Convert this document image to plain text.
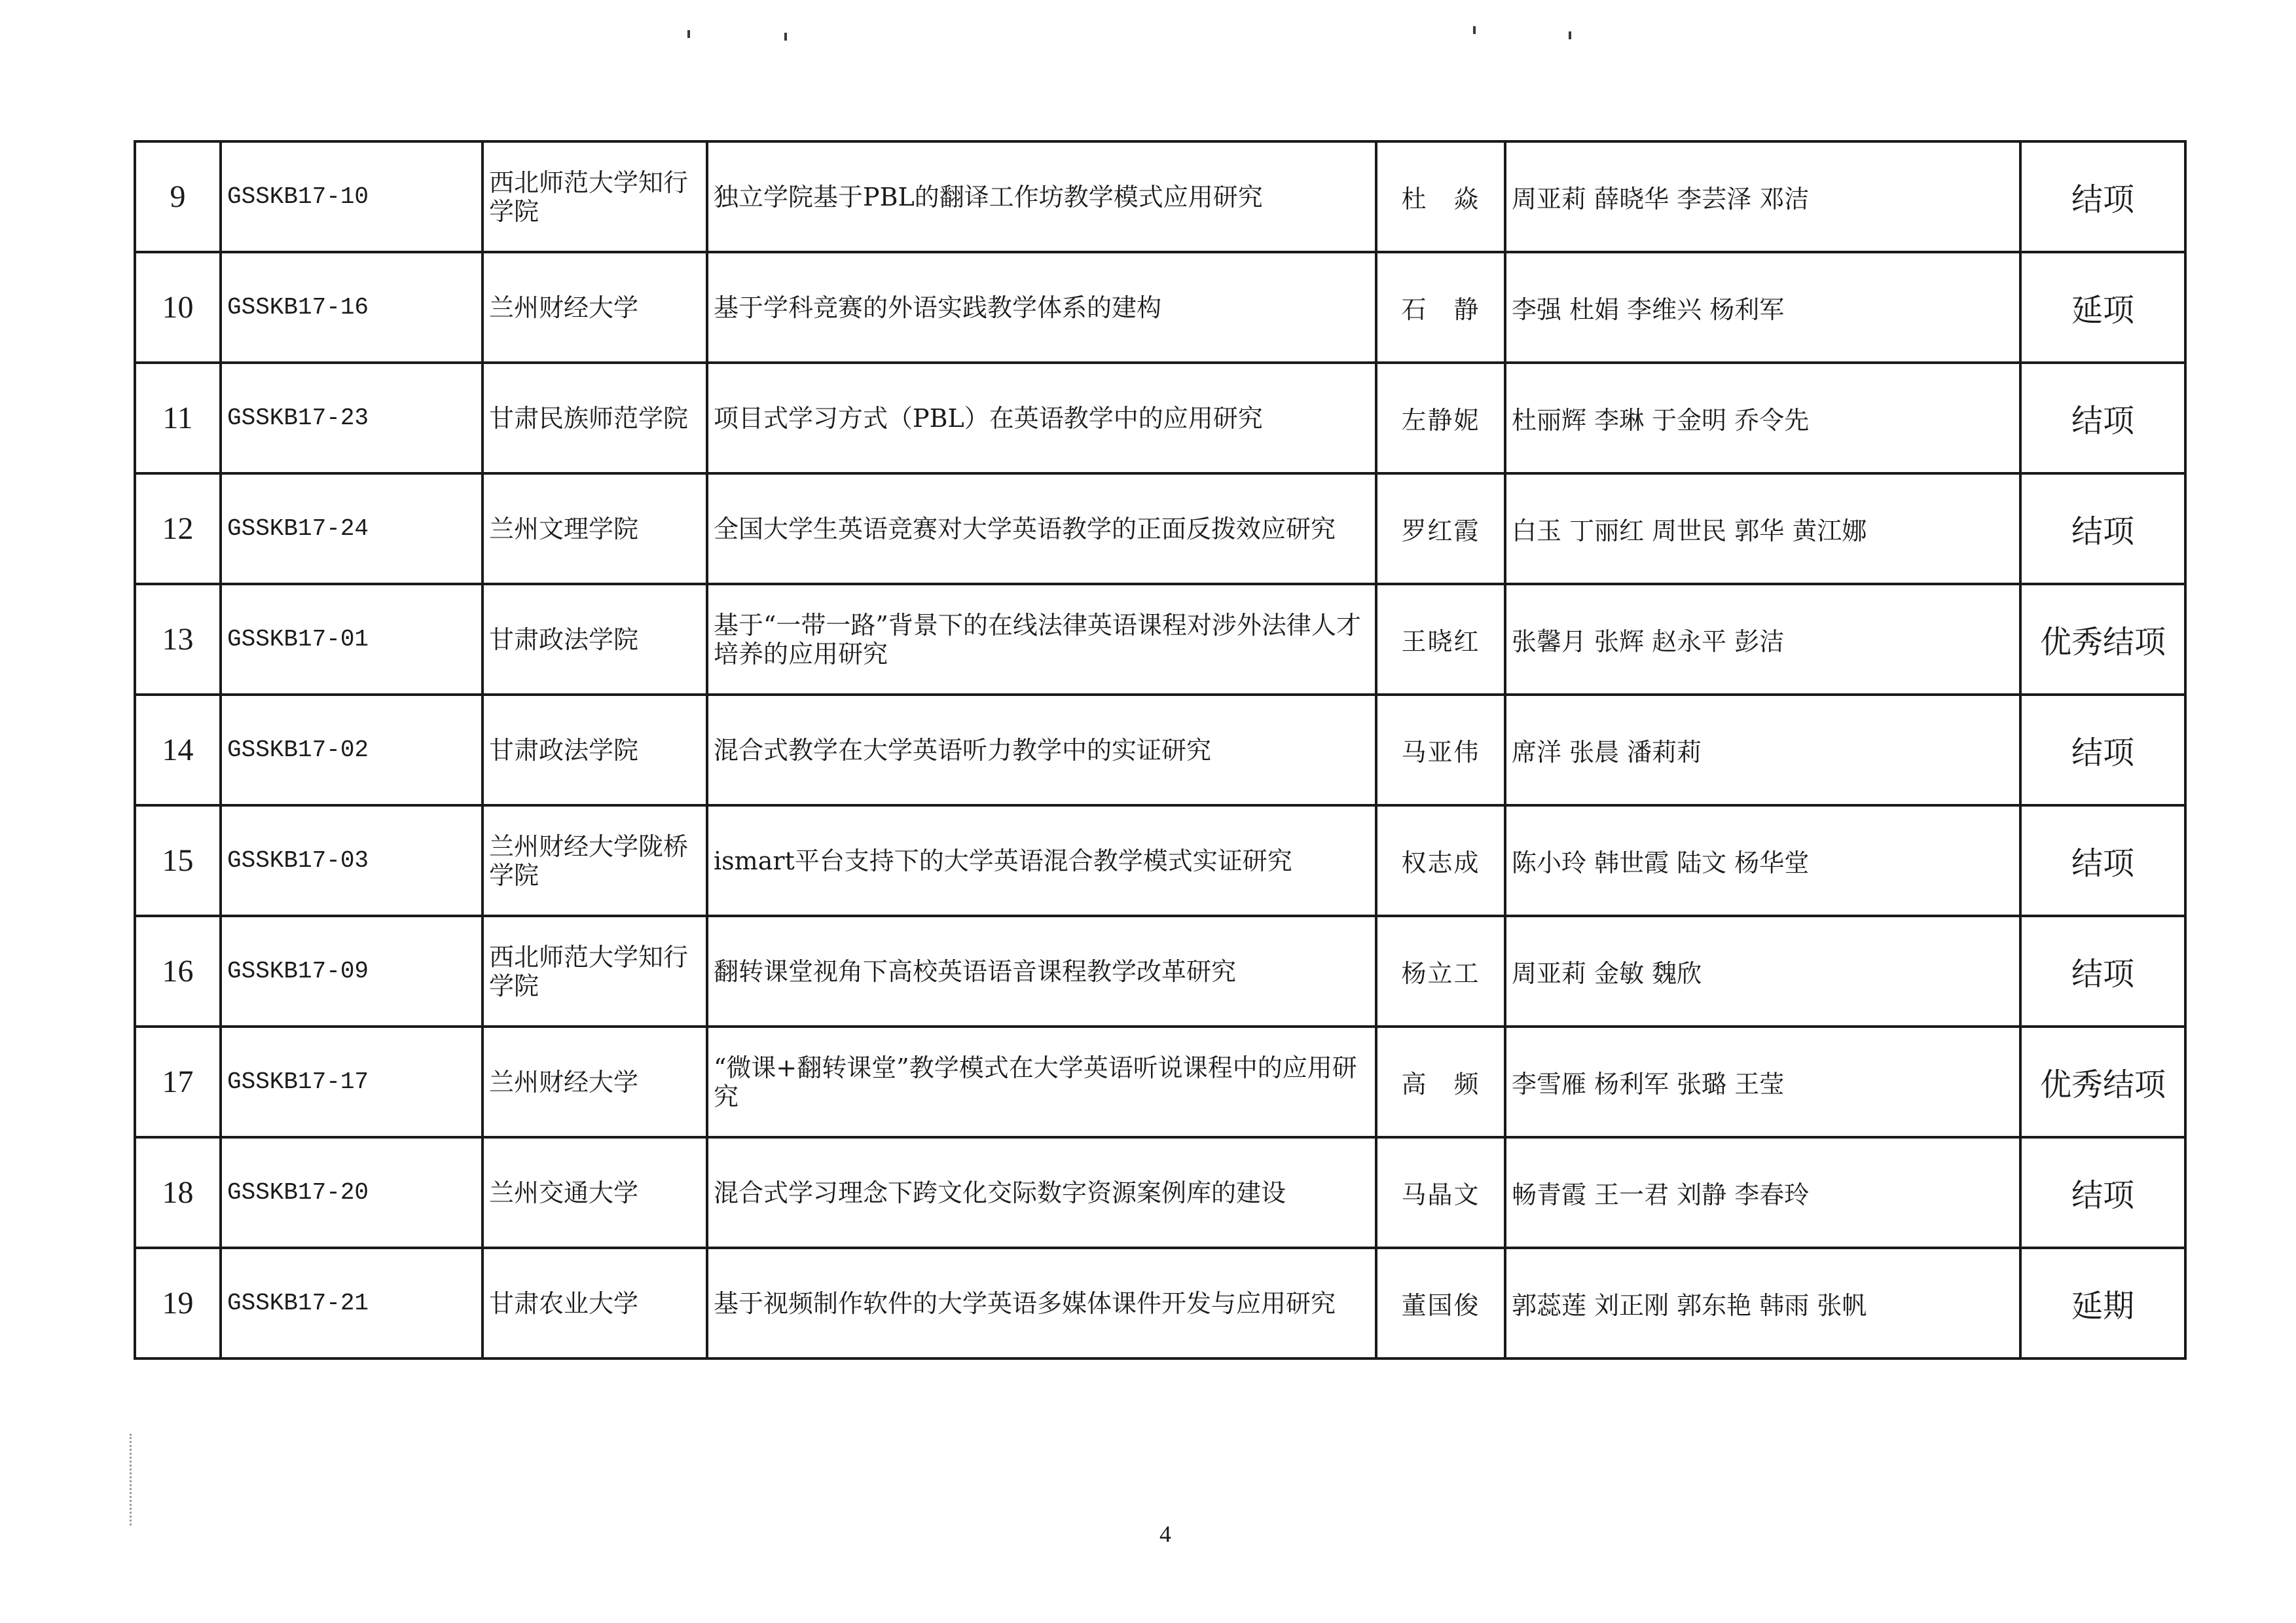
9	GSSKB17-10	西北师范大学知行学院	独立学院基于PBL的翻译工作坊教学模式应用研究	杜　焱	周亚莉 薛晓华 李芸泽 邓洁	结项
10	GSSKB17-16	兰州财经大学	基于学科竞赛的外语实践教学体系的建构	石　静	李强 杜娟 李维兴 杨利军	延项
11	GSSKB17-23	甘肃民族师范学院	项目式学习方式（PBL）在英语教学中的应用研究	左静妮	杜丽辉 李琳 于金明 乔令先	结项
12	GSSKB17-24	兰州文理学院	全国大学生英语竞赛对大学英语教学的正面反拨效应研究	罗红霞	白玉 丁丽红 周世民 郭华 黄江娜	结项
13	GSSKB17-01	甘肃政法学院	基于“一带一路”背景下的在线法律英语课程对涉外法律人才培养的应用研究	王晓红	张馨月 张辉 赵永平 彭洁	优秀结项
14	GSSKB17-02	甘肃政法学院	混合式教学在大学英语听力教学中的实证研究	马亚伟	席洋 张晨 潘莉莉	结项
15	GSSKB17-03	兰州财经大学陇桥学院	ismart平台支持下的大学英语混合教学模式实证研究	权志成	陈小玲 韩世霞 陆文 杨华堂	结项
16	GSSKB17-09	西北师范大学知行学院	翻转课堂视角下高校英语语音课程教学改革研究	杨立工	周亚莉 金敏 魏欣	结项
17	GSSKB17-17	兰州财经大学	“微课+翻转课堂”教学模式在大学英语听说课程中的应用研究	高　频	李雪雁 杨利军 张璐 王莹	优秀结项
18	GSSKB17-20	兰州交通大学	混合式学习理念下跨文化交际数字资源案例库的建设	马晶文	畅青霞 王一君 刘静 李春玲	结项
19	GSSKB17-21	甘肃农业大学	基于视频制作软件的大学英语多媒体课件开发与应用研究	董国俊	郭蕊莲 刘正刚 郭东艳 韩雨 张帆	延期
4
